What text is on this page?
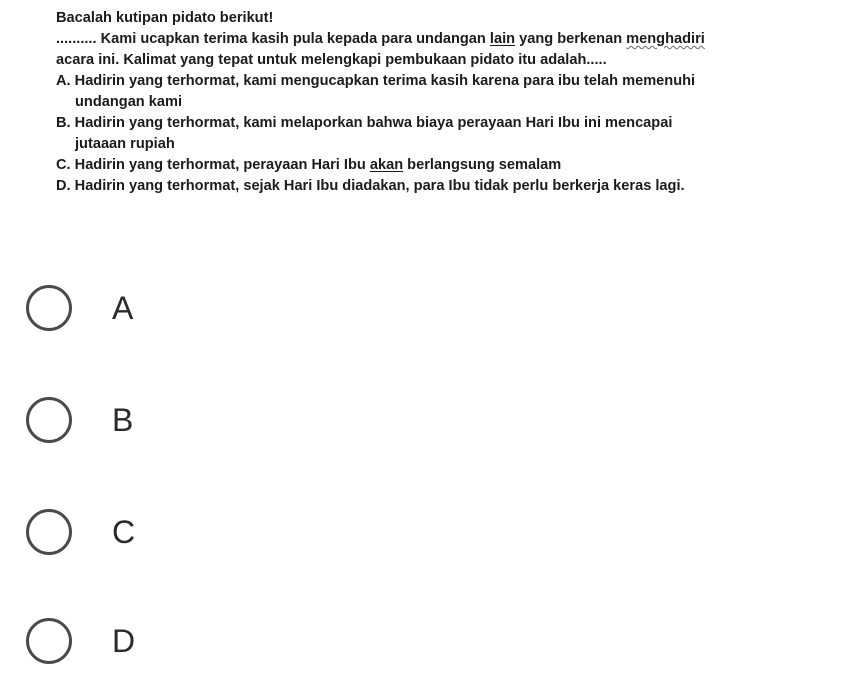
Bacalah kutipan pidato berikut!

.......... Kami ucapkan terima kasih pula kepada para undangan lain yang berkenan menghadiri

acara ini. Kalimat yang tepat untuk melengkapi pembukaan pidato itu adalah.....

A. Hadirin yang terhormat, kami mengucapkan terima kasih karena para ibu telah memenuhi

undangan kami

B. Hadirin yang terhormat, kami melaporkan bahwa biaya perayaan Hari Ibu ini mencapai

jutaaan rupiah

C. Hadirin yang terhormat, perayaan Hari Ibu akan berlangsung semalam

D. Hadirin yang terhormat, sejak Hari Ibu diadakan, para Ibu tidak perlu berkerja keras lagi.

A
B
C
D
